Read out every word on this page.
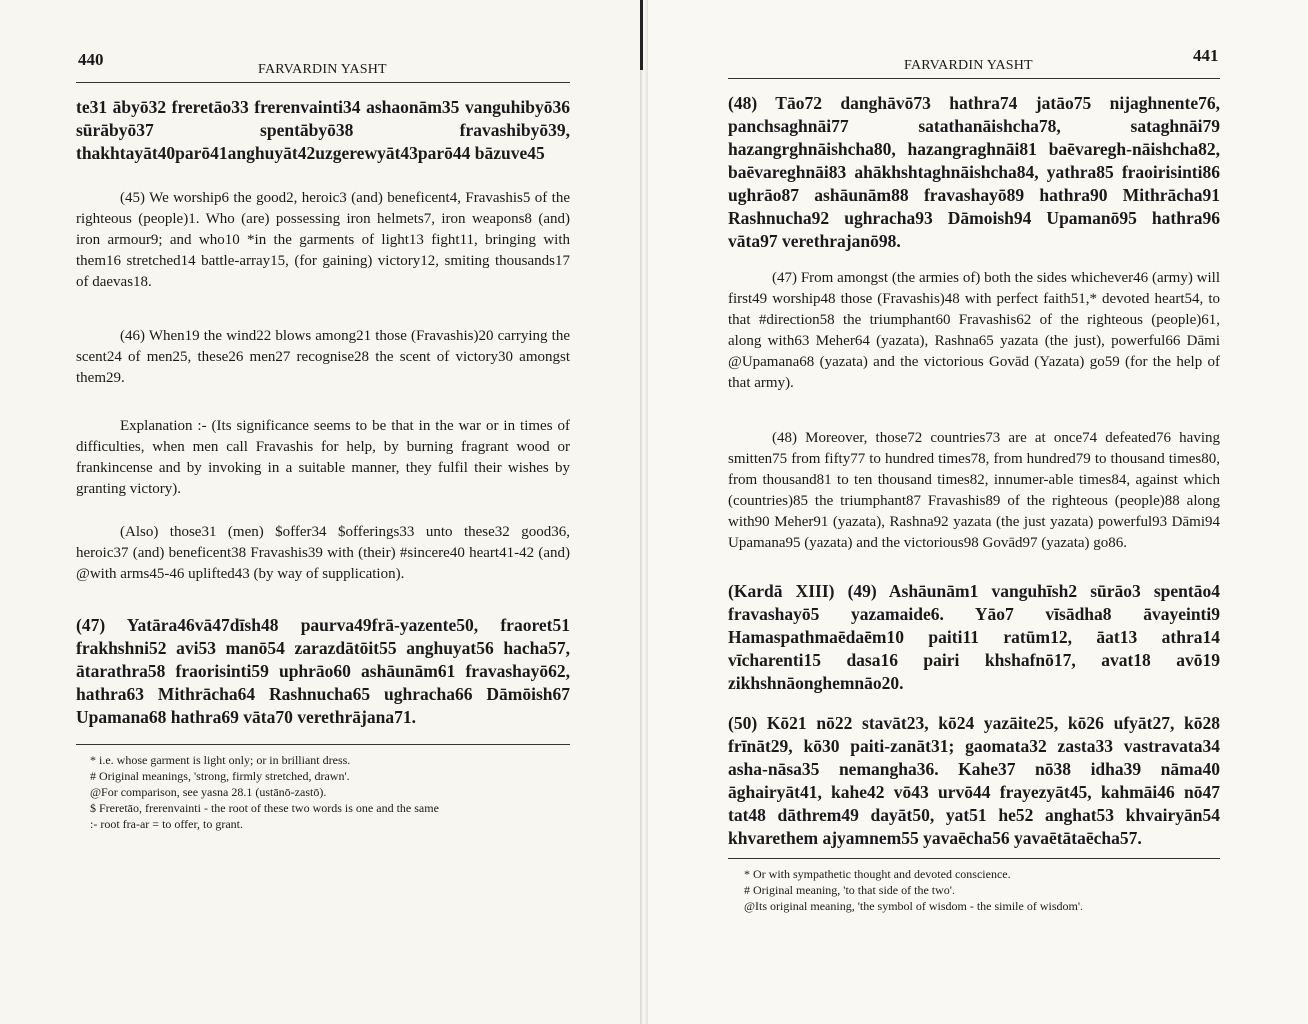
440
FARVARDIN YASHT

te31 ābyō32 freretāo33 frerenvainti34 ashaonām35 vanguhibyō36 sūrābyō37 spentābyō38 fravashibyō39, thakhtayāt40parō41anghuyāt42uzgerewyāt43parō44 bāzuve45

(45) We worship6 the good2, heroic3 (and) beneficent4, Fravashis5 of the righteous (people)1. Who (are) possessing iron helmets7, iron weapons8 (and) iron armour9; and who10 *in the garments of light13 fight11, bringing with them16 stretched14 battle-array15, (for gaining) victory12, smiting thousands17 of daevas18.

(46) When19 the wind22 blows among21 those (Fravashis)20 carrying the scent24 of men25, these26 men27 recognise28 the scent of victory30 amongst them29.

Explanation :- (Its significance seems to be that in the war or in times of difficulties, when men call Fravashis for help, by burning fragrant wood or frankincense and by invoking in a suitable manner, they fulfil their wishes by granting victory).

(Also) those31 (men) $offer34 $offerings33 unto these32 good36, heroic37 (and) beneficent38 Fravashis39 with (their) #sincere40 heart41-42 (and) @with arms45-46 uplifted43 (by way of supplication).

(47) Yatāra46vā47dīsh48 paurva49frā-yazente50, fraoret51 frakhshni52 avi53 manō54 zarazdātōit55 anghuyat56 hacha57, ātarathra58 fraorisinti59 uphrāo60 ashāunām61 fravashayō62, hathra63 Mithrācha64 Rashnucha65 ughracha66 Dāmōish67 Upamana68 hathra69 vāta70 verethrājana71.

* i.e. whose garment is light only; or in brilliant dress.
# Original meanings, 'strong, firmly stretched, drawn'.
@For comparison, see yasna 28.1 (ustānō-zastō).
$ Freretāo, frerenvainti - the root of these two words is one and the same
:- root fra-ar = to offer, to grant.

441
FARVARDIN YASHT

(48) Tāo72 danghāvō73 hathra74 jatāo75 nijaghnente76, panchsaghnāi77 satathanāishcha78, sataghnāi79 hazangrghnāishcha80, hazangraghnāi81 baēvaregh-nāishcha82, baēvareghnāi83 ahākhshtaghnāishcha84, yathra85 fraoirisinti86 ughrāo87 ashāunām88 fravashayō89 hathra90 Mithrācha91 Rashnucha92 ughracha93 Dāmoish94 Upamanō95 hathra96 vāta97 verethrajanō98.

(47) From amongst (the armies of) both the sides whichever46 (army) will first49 worship48 those (Fravashis)48 with perfect faith51,* devoted heart54, to that #direction58 the triumphant60 Fravashis62 of the righteous (people)61, along with63 Meher64 (yazata), Rashna65 yazata (the just), powerful66 Dāmi @Upamana68 (yazata) and the victorious Govād (Yazata) go59 (for the help of that army).

(48) Moreover, those72 countries73 are at once74 defeated76 having smitten75 from fifty77 to hundred times78, from hundred79 to thousand times80, from thousand81 to ten thousand times82, innumer-able times84, against which (countries)85 the triumphant87 Fravashis89 of the righteous (people)88 along with90 Meher91 (yazata), Rashna92 yazata (the just yazata) powerful93 Dāmi94 Upamana95 (yazata) and the victorious98 Govād97 (yazata) go86.

(Kardā XIII) (49) Ashāunām1 vanguhīsh2 sūrāo3 spentāo4 fravashayō5 yazamaide6. Yāo7 vīsādha8 āvayeinti9 Hamaspathmaēdaēm10 paiti11 ratūm12, āat13 athra14 vīcharenti15 dasa16 pairi khshafnō17, avat18 avō19 zikhshnāonghemnāo20.

(50) Kō21 nō22 stavāt23, kō24 yazāite25, kō26 ufyāt27, kō28 frīnāt29, kō30 paiti-zanāt31; gaomata32 zasta33 vastravata34 asha-nāsa35 nemangha36. Kahe37 nō38 idha39 nāma40 āghairyāt41, kahe42 vō43 urvō44 frayezyāt45, kahmāi46 nō47 tat48 dāthrem49 dayāt50, yat51 he52 anghat53 khvairyān54 khvarethem ajyamnem55 yavaēcha56 yavaētātaēcha57.

* Or with sympathetic thought and devoted conscience.
# Original meaning, 'to that side of the two'.
@Its original meaning, 'the symbol of wisdom - the simile of wisdom'.
